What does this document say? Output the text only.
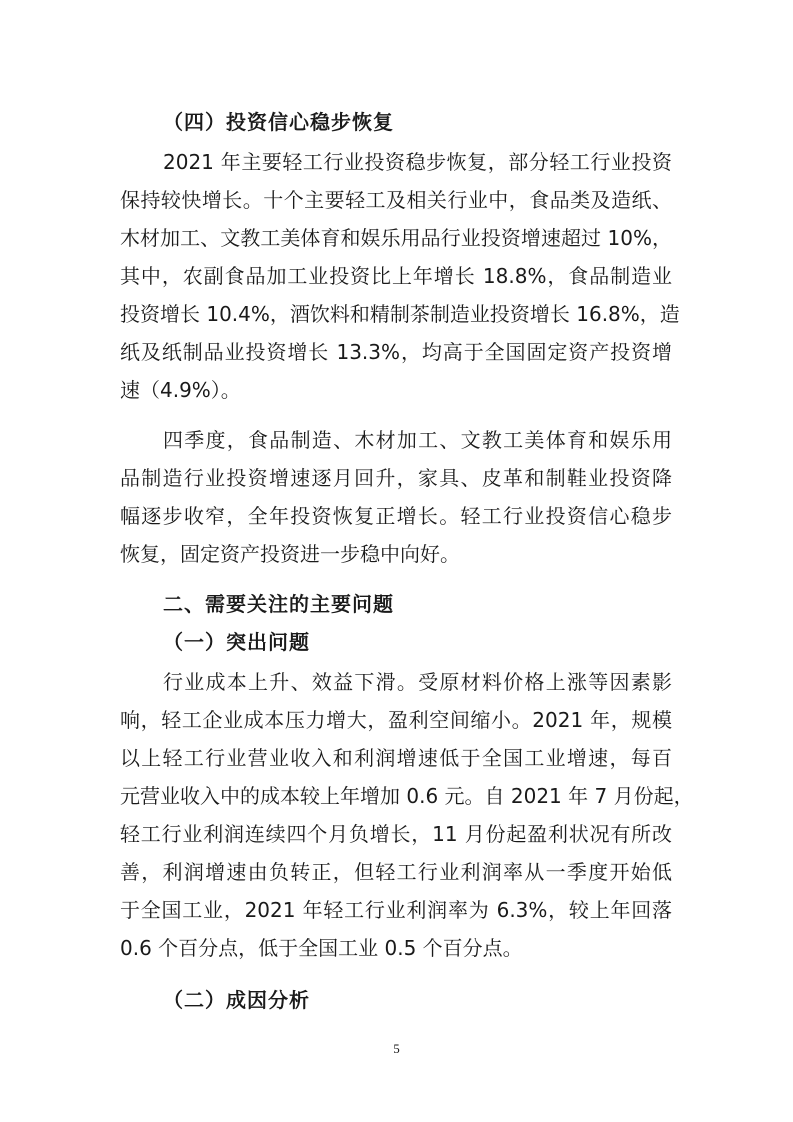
（四）投资信心稳步恢复
2021 年主要轻工行业投资稳步恢复，部分轻工行业投资
保持较快增长。十个主要轻工及相关行业中，食品类及造纸、
木材加工、文教工美体育和娱乐用品行业投资增速超过 10%，
其中，农副食品加工业投资比上年增长 18.8%，食品制造业
投资增长 10.4%，酒饮料和精制茶制造业投资增长 16.8%，造
纸及纸制品业投资增长 13.3%，均高于全国固定资产投资增
速（4.9%）。
四季度，食品制造、木材加工、文教工美体育和娱乐用
品制造行业投资增速逐月回升，家具、皮革和制鞋业投资降
幅逐步收窄，全年投资恢复正增长。轻工行业投资信心稳步
恢复，固定资产投资进一步稳中向好。
二、需要关注的主要问题
（一）突出问题
行业成本上升、效益下滑。受原材料价格上涨等因素影
响，轻工企业成本压力增大，盈利空间缩小。2021 年，规模
以上轻工行业营业收入和利润增速低于全国工业增速，每百
元营业收入中的成本较上年增加 0.6 元。自 2021 年 7 月份起，
轻工行业利润连续四个月负增长，11 月份起盈利状况有所改
善，利润增速由负转正，但轻工行业利润率从一季度开始低
于全国工业，2021 年轻工行业利润率为 6.3%，较上年回落
0.6 个百分点，低于全国工业 0.5 个百分点。
（二）成因分析
5
